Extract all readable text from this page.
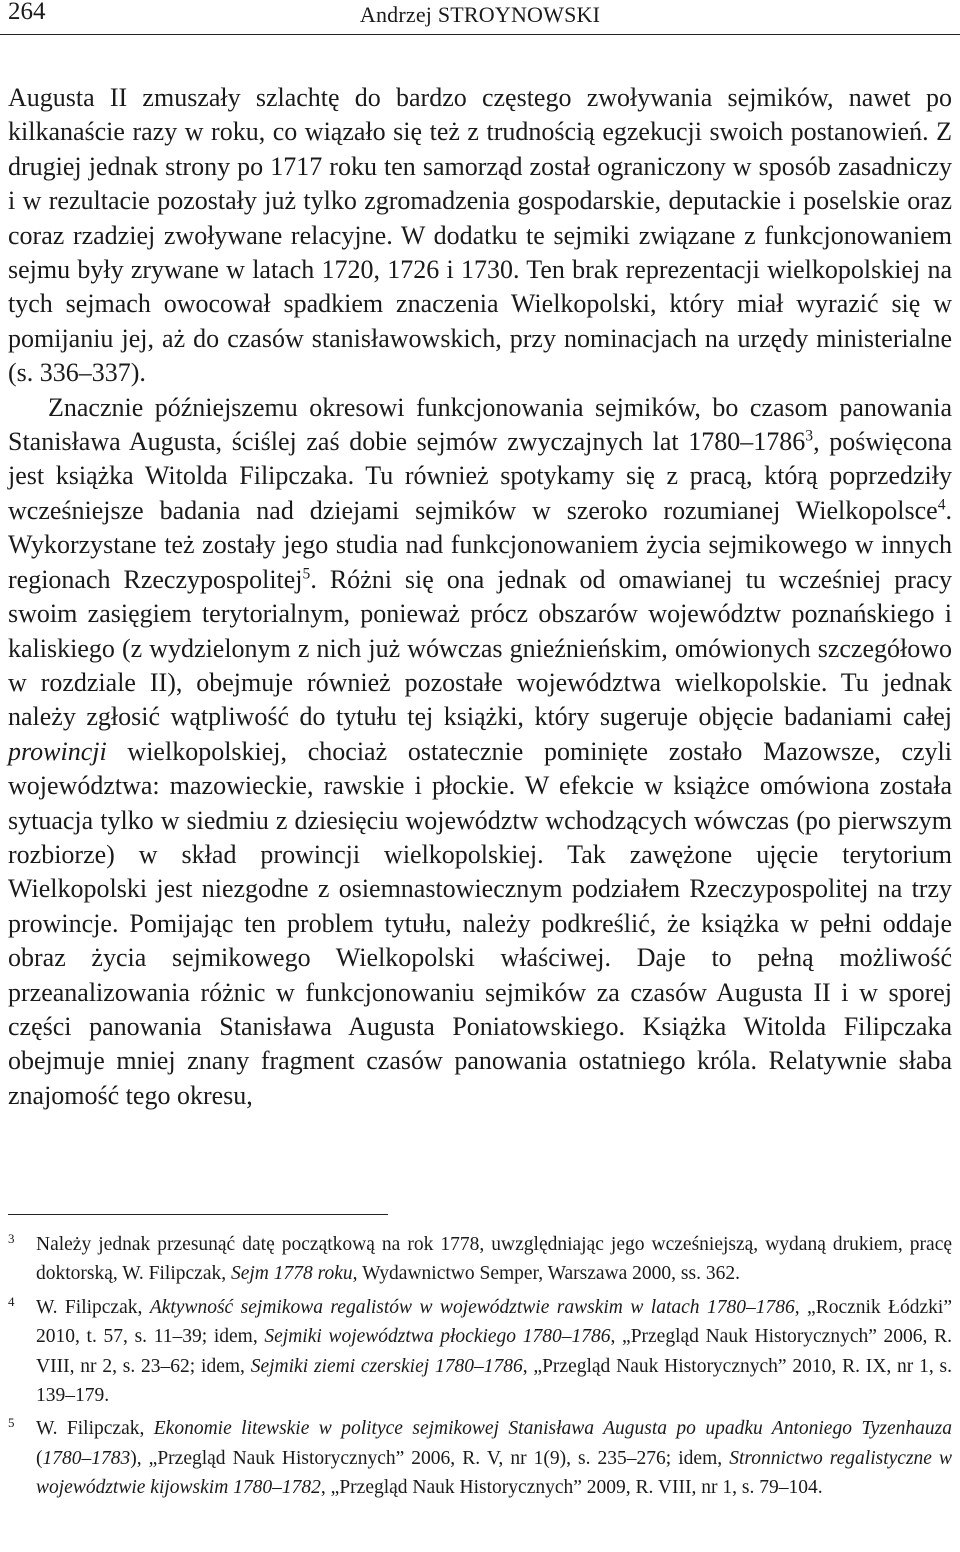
264	Andrzej STROYNOWSKI

Augusta II zmuszały szlachtę do bardzo częstego zwoływania sejmików, nawet po kilkanaście razy w roku, co wiązało się też z trudnością egzekucji swoich postanowień. Z drugiej jednak strony po 1717 roku ten samorząd został ograniczony w sposób zasadniczy i w rezultacie pozostały już tylko zgromadzenia gospodarskie, deputackie i poselskie oraz coraz rzadziej zwoływane relacyjne. W dodatku te sejmiki związane z funkcjonowaniem sejmu były zrywane w latach 1720, 1726 i 1730. Ten brak reprezentacji wielkopolskiej na tych sejmach owocował spadkiem znaczenia Wielkopolski, który miał wyrazić się w pomijaniu jej, aż do czasów stanisławowskich, przy nominacjach na urzędy ministerialne (s. 336–337).

Znacznie późniejszemu okresowi funkcjonowania sejmików, bo czasom panowania Stanisława Augusta, ściślej zaś dobie sejmów zwyczajnych lat 1780–1786$^3$, poświęcona jest książka Witolda Filipczaka. Tu również spotykamy się z pracą, którą poprzedziły wcześniejsze badania nad dziejami sejmików w szeroko rozumianej Wielkopolsce$^4$. Wykorzystane też zostały jego studia nad funkcjonowaniem życia sejmikowego w innych regionach Rzeczypospolitej$^5$. Różni się ona jednak od omawianej tu wcześniej pracy swoim zasięgiem terytorialnym, ponieważ prócz obszarów województw poznańskiego i kaliskiego (z wydzielonym z nich już wówczas gnieźnieńskim, omówionych szczegółowo w rozdziale II), obejmuje również pozostałe województwa wielkopolskie. Tu jednak należy zgłosić wątpliwość do tytułu tej książki, który sugeruje objęcie badaniami całej prowincji wielkopolskiej, chociaż ostatecznie pominięte zostało Mazowsze, czyli województwa: mazowieckie, rawskie i płockie. W efekcie w książce omówiona została sytuacja tylko w siedmiu z dziesięciu województw wchodzących wówczas (po pierwszym rozbiorze) w skład prowincji wielkopolskiej. Tak zawężone ujęcie terytorium Wielkopolski jest niezgodne z osiemnastowiecznym podziałem Rzeczypospolitej na trzy prowincje. Pomijając ten problem tytułu, należy podkreślić, że książka w pełni oddaje obraz życia sejmikowego Wielkopolski właściwej. Daje to pełną możliwość przeanalizowania różnic w funkcjonowaniu sejmików za czasów Augusta II i w sporej części panowania Stanisława Augusta Poniatowskiego. Książka Witolda Filipczaka obejmuje mniej znany fragment czasów panowania ostatniego króla. Relatywnie słaba znajomość tego okresu,

3 Należy jednak przesunąć datę początkową na rok 1778, uwzględniając jego wcześniejszą, wydaną drukiem, pracę doktorską, W. Filipczak, Sejm 1778 roku, Wydawnictwo Semper, Warszawa 2000, ss. 362.
4 W. Filipczak, Aktywność sejmikowa regalistów w województwie rawskim w latach 1780–1786, „Rocznik Łódzki” 2010, t. 57, s. 11–39; idem, Sejmiki województwa płockiego 1780–1786, „Przegląd Nauk Historycznych” 2006, R. VIII, nr 2, s. 23–62; idem, Sejmiki ziemi czerskiej 1780–1786, „Przegląd Nauk Historycznych” 2010, R. IX, nr 1, s. 139–179.
5 W. Filipczak, Ekonomie litewskie w polityce sejmikowej Stanisława Augusta po upadku Antoniego Tyzenhauza (1780–1783), „Przegląd Nauk Historycznych” 2006, R. V, nr 1(9), s. 235–276; idem, Stronnictwo regalistyczne w województwie kijowskim 1780–1782, „Przegląd Nauk Historycznych” 2009, R. VIII, nr 1, s. 79–104.
